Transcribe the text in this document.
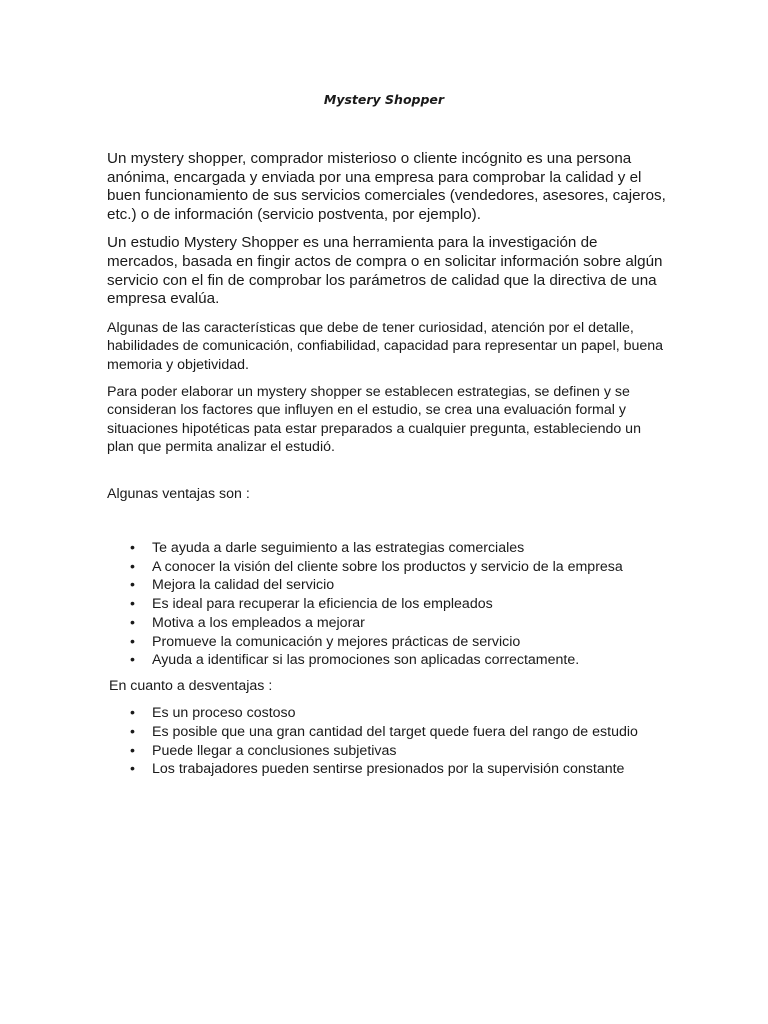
Mystery Shopper

Un mystery shopper, comprador misterioso o cliente incógnito es una persona anónima, encargada y enviada por una empresa para comprobar la calidad y el buen funcionamiento de sus servicios comerciales (vendedores, asesores, cajeros, etc.) o de información (servicio postventa, por ejemplo).

Un estudio Mystery Shopper es una herramienta para la investigación de mercados, basada en fingir actos de compra o en solicitar información sobre algún servicio con el fin de comprobar los parámetros de calidad que la directiva de una empresa evalúa.

Algunas de las características que debe de tener curiosidad, atención por el detalle, habilidades de comunicación, confiabilidad, capacidad para representar un papel, buena memoria y objetividad.

Para poder elaborar un mystery shopper se establecen estrategias, se definen y se consideran los factores que influyen en el estudio, se crea una evaluación formal y situaciones hipotéticas pata estar preparados a cualquier pregunta, estableciendo un plan que permita analizar el estudió.

Algunas ventajas son :

• Te ayuda a darle seguimiento a las estrategias comerciales
• A conocer la visión del cliente sobre los productos y servicio de la empresa
• Mejora la calidad del servicio
• Es ideal para recuperar la eficiencia de los empleados
• Motiva a los empleados a mejorar
• Promueve la comunicación y mejores prácticas de servicio
• Ayuda a identificar si las promociones son aplicadas correctamente.

En cuanto a desventajas :

• Es un proceso costoso
• Es posible que una gran cantidad del target quede fuera del rango de estudio
• Puede llegar a conclusiones subjetivas
• Los trabajadores pueden sentirse presionados por la supervisión constante
